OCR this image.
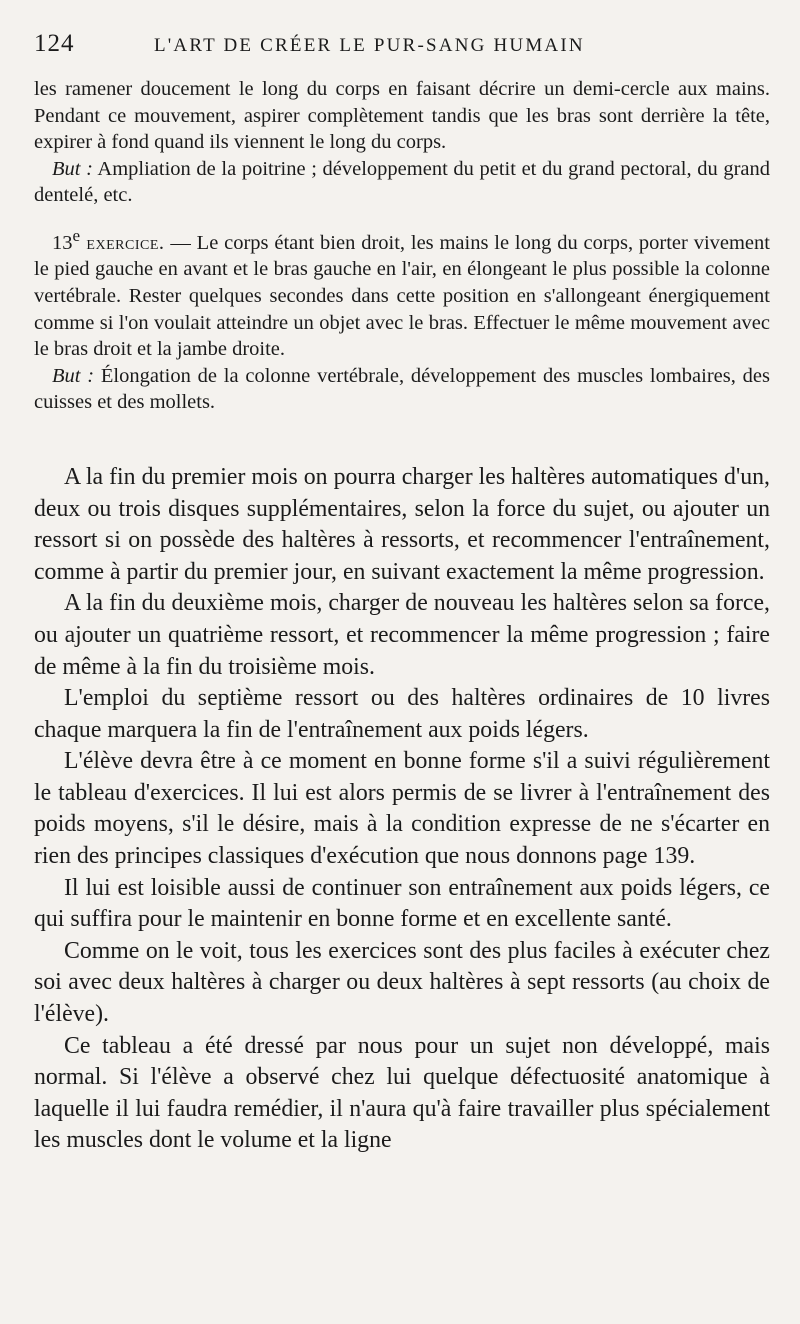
124	L'ART DE CRÉER LE PUR-SANG HUMAIN

les ramener doucement le long du corps en faisant décrire un demi-cercle aux mains. Pendant ce mouvement, aspirer complètement tandis que les bras sont derrière la tête, expirer à fond quand ils viennent le long du corps.

But : Ampliation de la poitrine ; développement du petit et du grand pectoral, du grand dentelé, etc.

13e exercice. — Le corps étant bien droit, les mains le long du corps, porter vivement le pied gauche en avant et le bras gauche en l'air, en élongeant le plus possible la colonne vertébrale. Rester quelques secondes dans cette position en s'allongeant énergiquement comme si l'on voulait atteindre un objet avec le bras. Effectuer le même mouvement avec le bras droit et la jambe droite.

But : Élongation de la colonne vertébrale, développement des muscles lombaires, des cuisses et des mollets.

A la fin du premier mois on pourra charger les haltères automatiques d'un, deux ou trois disques supplémentaires, selon la force du sujet, ou ajouter un ressort si on possède des haltères à ressorts, et recommencer l'entraînement, comme à partir du premier jour, en suivant exactement la même progression.

A la fin du deuxième mois, charger de nouveau les haltères selon sa force, ou ajouter un quatrième ressort, et recommencer la même progression ; faire de même à la fin du troisième mois.

L'emploi du septième ressort ou des haltères ordinaires de 10 livres chaque marquera la fin de l'entraînement aux poids légers.

L'élève devra être à ce moment en bonne forme s'il a suivi régulièrement le tableau d'exercices. Il lui est alors permis de se livrer à l'entraînement des poids moyens, s'il le désire, mais à la condition expresse de ne s'écarter en rien des principes classiques d'exécution que nous donnons page 139.

Il lui est loisible aussi de continuer son entraînement aux poids légers, ce qui suffira pour le maintenir en bonne forme et en excellente santé.

Comme on le voit, tous les exercices sont des plus faciles à exécuter chez soi avec deux haltères à charger ou deux haltères à sept ressorts (au choix de l'élève).

Ce tableau a été dressé par nous pour un sujet non développé, mais normal. Si l'élève a observé chez lui quelque défectuosité anatomique à laquelle il lui faudra remédier, il n'aura qu'à faire travailler plus spécialement les muscles dont le volume et la ligne
